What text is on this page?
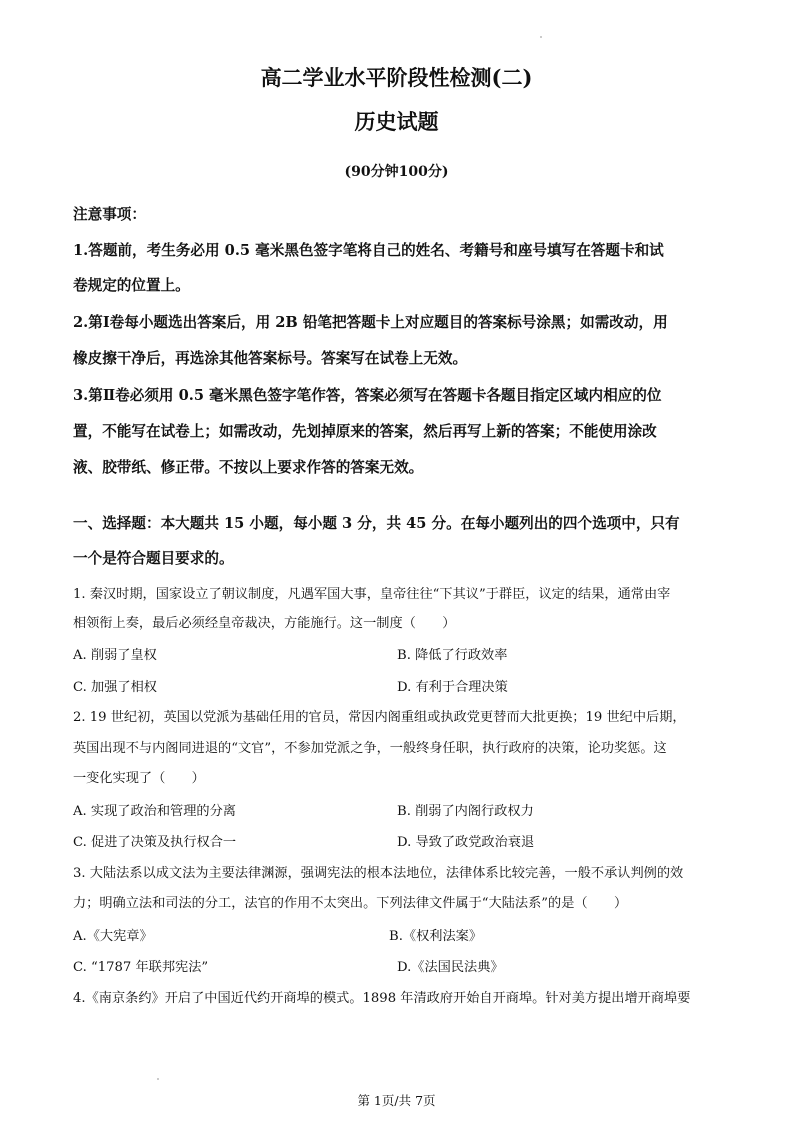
高二学业水平阶段性检测(二)
历史试题
(90分钟100分)
注意事项：
1.答题前，考生务必用 0.5 毫米黑色签字笔将自己的姓名、考籍号和座号填写在答题卡和试
卷规定的位置上。
2.第Ⅰ卷每小题选出答案后，用 2B 铅笔把答题卡上对应题目的答案标号涂黑；如需改动，用
橡皮擦干净后，再选涂其他答案标号。答案写在试卷上无效。
3.第Ⅱ卷必须用 0.5 毫米黑色签字笔作答，答案必须写在答题卡各题目指定区域内相应的位
置，不能写在试卷上；如需改动，先划掉原来的答案，然后再写上新的答案；不能使用涂改
液、胶带纸、修正带。不按以上要求作答的答案无效。
一、选择题：本大题共 15 小题，每小题 3 分，共 45 分。在每小题列出的四个选项中，只有
一个是符合题目要求的。
1. 秦汉时期，国家设立了朝议制度，凡遇军国大事，皇帝往往“下其议”于群臣，议定的结果，通常由宰
相领衔上奏，最后必须经皇帝裁决，方能施行。这一制度（　　）
A. 削弱了皇权	B. 降低了行政效率
C. 加强了相权	D. 有利于合理决策
2. 19 世纪初，英国以党派为基础任用的官员，常因内阁重组或执政党更替而大批更换；19 世纪中后期，
英国出现不与内阁同进退的“文官”，不参加党派之争，一般终身任职，执行政府的决策，论功奖惩。这
一变化实现了（　　）
A. 实现了政治和管理的分离	B. 削弱了内阁行政权力
C. 促进了决策及执行权合一	D. 导致了政党政治衰退
3. 大陆法系以成文法为主要法律渊源，强调宪法的根本法地位，法律体系比较完善，一般不承认判例的效
力；明确立法和司法的分工，法官的作用不太突出。下列法律文件属于“大陆法系”的是（　　）
A.《大宪章》	B.《权利法案》
C. “1787 年联邦宪法”	D.《法国民法典》
4.《南京条约》开启了中国近代约开商埠的模式。1898 年清政府开始自开商埠。针对美方提出增开商埠要
第 1页/共 7页
